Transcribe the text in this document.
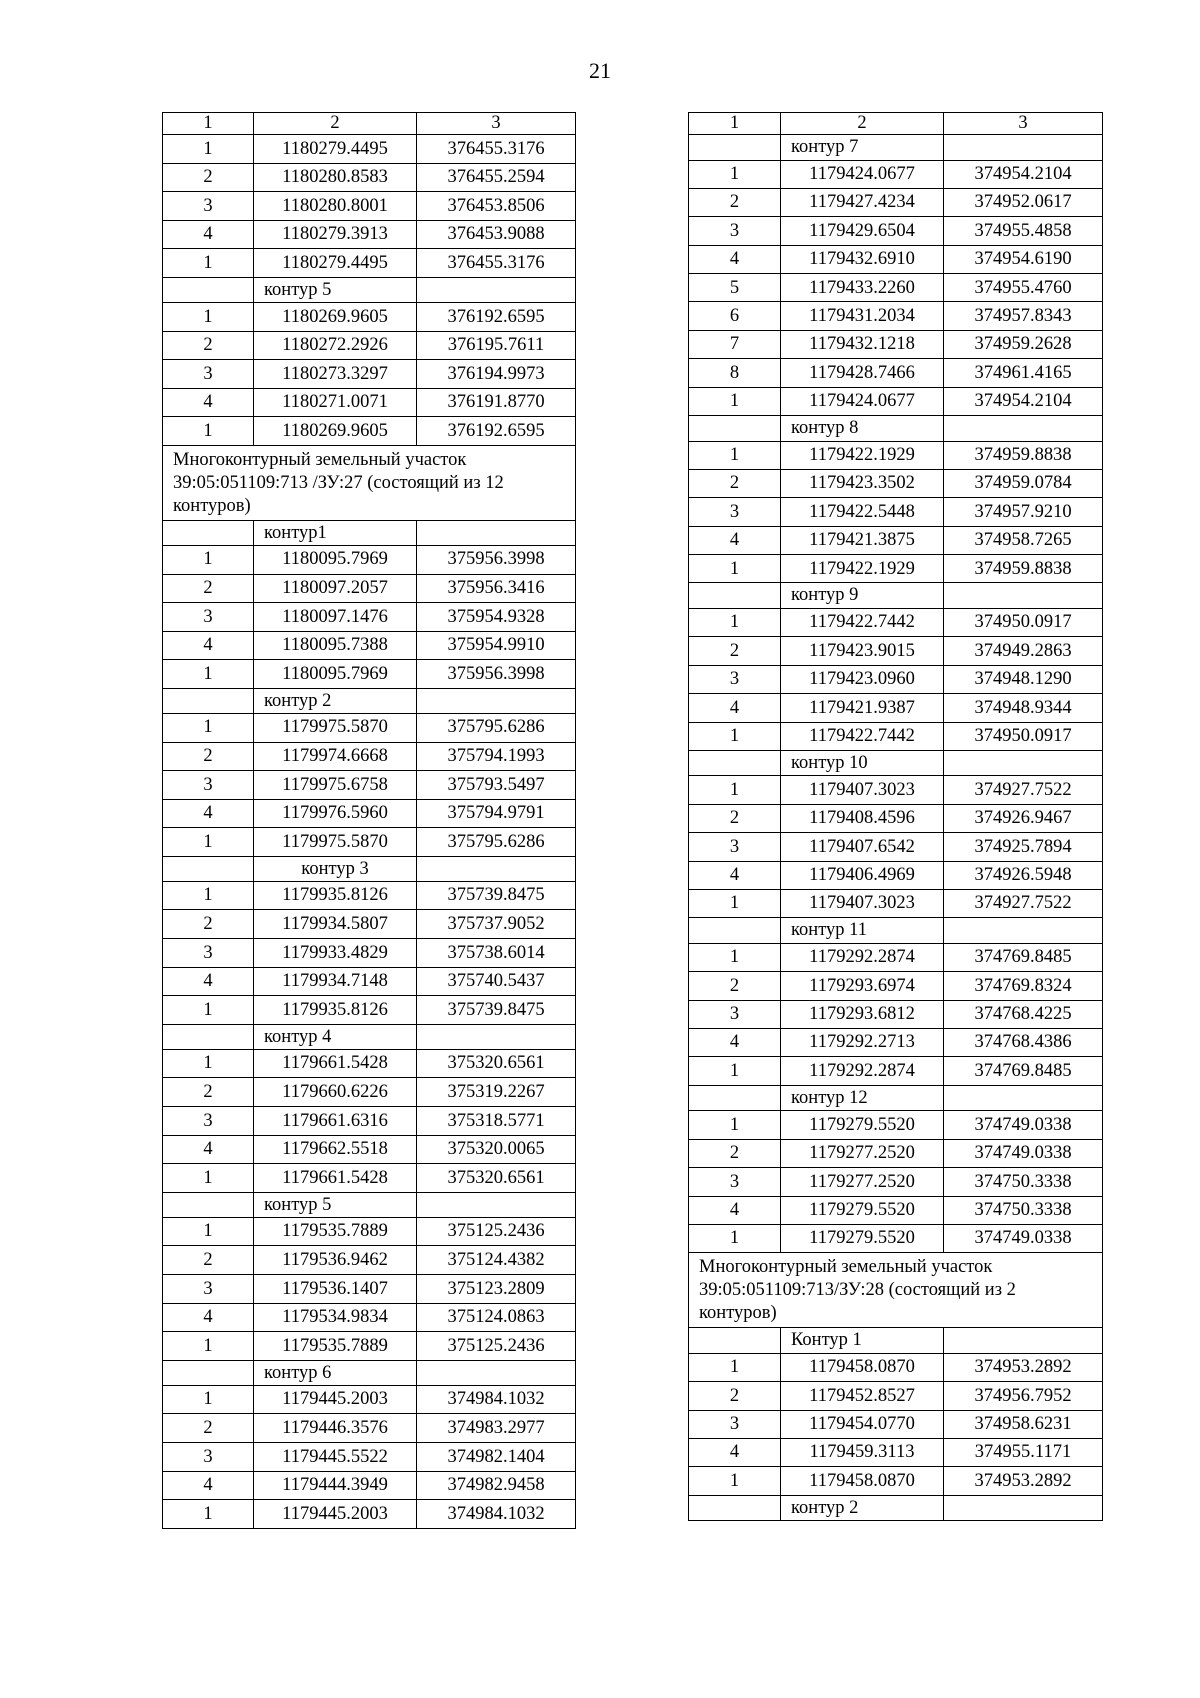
21
1	2	3
1	1180279.4495	376455.3176
2	1180280.8583	376455.2594
3	1180280.8001	376453.8506
4	1180279.3913	376453.9088
1	1180279.4495	376455.3176
	контур 5	
1	1180269.9605	376192.6595
2	1180272.2926	376195.7611
3	1180273.3297	376194.9973
4	1180271.0071	376191.8770
1	1180269.9605	376192.6595
Многоконтурный земельный участок 39:05:051109:713 /ЗУ:27 (состоящий из 12 контуров)		
	контур1	
1	1180095.7969	375956.3998
2	1180097.2057	375956.3416
3	1180097.1476	375954.9328
4	1180095.7388	375954.9910
1	1180095.7969	375956.3998
	контур 2	
1	1179975.5870	375795.6286
2	1179974.6668	375794.1993
3	1179975.6758	375793.5497
4	1179976.5960	375794.9791
1	1179975.5870	375795.6286
	контур 3	
1	1179935.8126	375739.8475
2	1179934.5807	375737.9052
3	1179933.4829	375738.6014
4	1179934.7148	375740.5437
1	1179935.8126	375739.8475
	контур 4	
1	1179661.5428	375320.6561
2	1179660.6226	375319.2267
3	1179661.6316	375318.5771
4	1179662.5518	375320.0065
1	1179661.5428	375320.6561
	контур 5	
1	1179535.7889	375125.2436
2	1179536.9462	375124.4382
3	1179536.1407	375123.2809
4	1179534.9834	375124.0863
1	1179535.7889	375125.2436
	контур 6	
1	1179445.2003	374984.1032
2	1179446.3576	374983.2977
3	1179445.5522	374982.1404
4	1179444.3949	374982.9458
1	1179445.2003	374984.1032
1	2	3
	контур 7	
1	1179424.0677	374954.2104
2	1179427.4234	374952.0617
3	1179429.6504	374955.4858
4	1179432.6910	374954.6190
5	1179433.2260	374955.4760
6	1179431.2034	374957.8343
7	1179432.1218	374959.2628
8	1179428.7466	374961.4165
1	1179424.0677	374954.2104
	контур 8	
1	1179422.1929	374959.8838
2	1179423.3502	374959.0784
3	1179422.5448	374957.9210
4	1179421.3875	374958.7265
1	1179422.1929	374959.8838
	контур 9	
1	1179422.7442	374950.0917
2	1179423.9015	374949.2863
3	1179423.0960	374948.1290
4	1179421.9387	374948.9344
1	1179422.7442	374950.0917
	контур 10	
1	1179407.3023	374927.7522
2	1179408.4596	374926.9467
3	1179407.6542	374925.7894
4	1179406.4969	374926.5948
1	1179407.3023	374927.7522
	контур 11	
1	1179292.2874	374769.8485
2	1179293.6974	374769.8324
3	1179293.6812	374768.4225
4	1179292.2713	374768.4386
1	1179292.2874	374769.8485
	контур 12	
1	1179279.5520	374749.0338
2	1179277.2520	374749.0338
3	1179277.2520	374750.3338
4	1179279.5520	374750.3338
1	1179279.5520	374749.0338
Многоконтурный земельный участок 39:05:051109:713/ЗУ:28 (состоящий из 2 контуров)		
	Контур 1	
1	1179458.0870	374953.2892
2	1179452.8527	374956.7952
3	1179454.0770	374958.6231
4	1179459.3113	374955.1171
1	1179458.0870	374953.2892
	контур 2	
